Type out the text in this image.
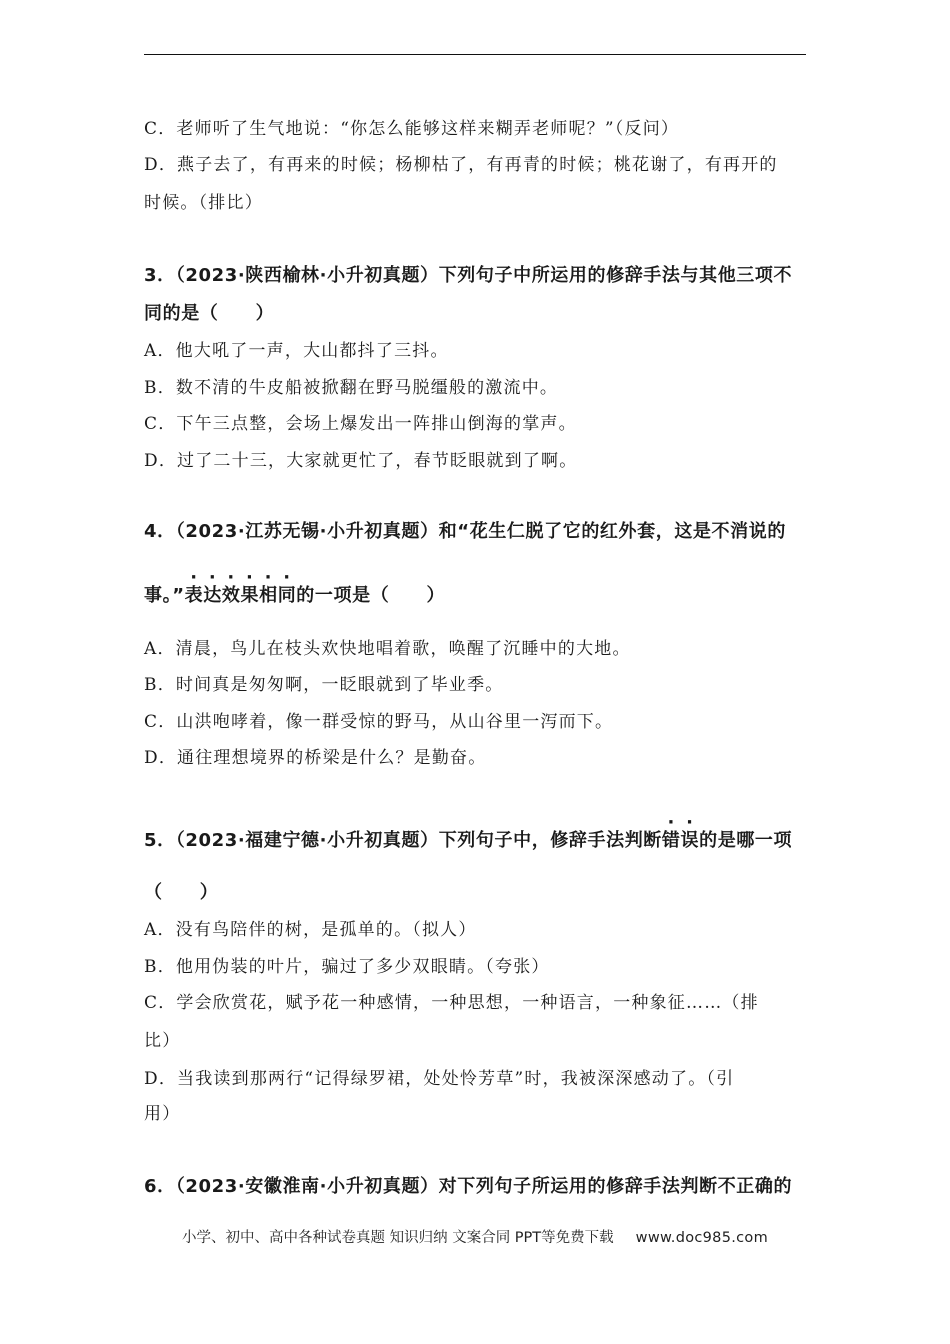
C．老师听了生气地说：“你怎么能够这样来糊弄老师呢？”（反问）
D．燕子去了，有再来的时候；杨柳枯了，有再青的时候；桃花谢了，有再开的
时候。（排比）
3．（2023·陕西榆林·小升初真题）下列句子中所运用的修辞手法与其他三项不
同的是（　　）
A．他大吼了一声，大山都抖了三抖。
B．数不清的牛皮船被掀翻在野马脱缰般的激流中。
C．下午三点整，会场上爆发出一阵排山倒海的掌声。
D．过了二十三，大家就更忙了，春节眨眼就到了啊。
4．（2023·江苏无锡·小升初真题）和“花生仁脱了它的红外套，这是不消说的
事。”表达效果相同的一项是（　　）
A．清晨，鸟儿在枝头欢快地唱着歌，唤醒了沉睡中的大地。
B．时间真是匆匆啊，一眨眼就到了毕业季。
C．山洪咆哮着，像一群受惊的野马，从山谷里一泻而下。
D．通往理想境界的桥梁是什么？是勤奋。
5．（2023·福建宁德·小升初真题）下列句子中，修辞手法判断错误的是哪一项
（　　）
A．没有鸟陪伴的树，是孤单的。（拟人）
B．他用伪装的叶片，骗过了多少双眼睛。（夸张）
C．学会欣赏花，赋予花一种感情，一种思想，一种语言，一种象征……（排
比）
D．当我读到那两行“记得绿罗裙，处处怜芳草”时，我被深深感动了。（引
用）
6．（2023·安徽淮南·小升初真题）对下列句子所运用的修辞手法判断不正确的
小学、初中、高中各种试卷真题 知识归纳 文案合同 PPT等免费下载 www.doc985.com
